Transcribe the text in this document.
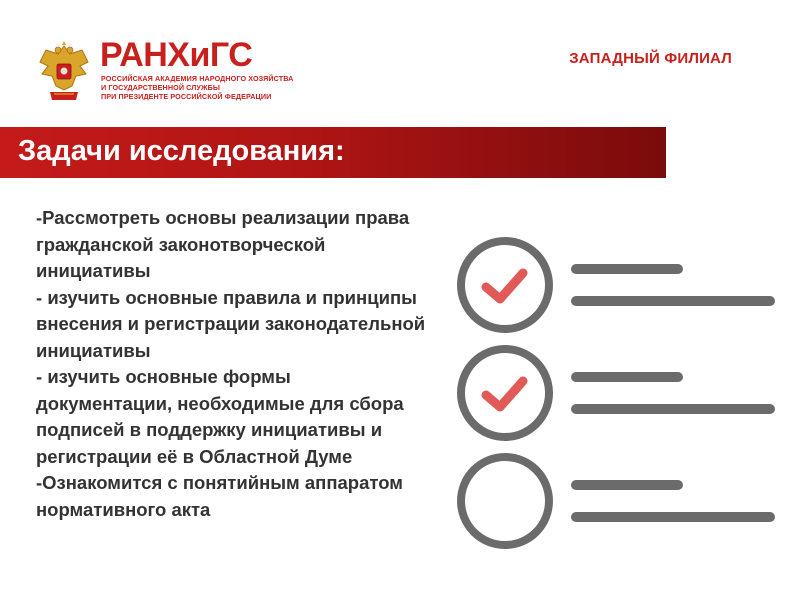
РАНХиГС
РОССИЙСКАЯ АКАДЕМИЯ НАРОДНОГО ХОЗЯЙСТВА
И ГОСУДАРСТВЕННОЙ СЛУЖБЫ
ПРИ ПРЕЗИДЕНТЕ РОССИЙСКОЙ ФЕДЕРАЦИИ
ЗАПАДНЫЙ ФИЛИАЛ
Задачи исследования:

-Рассмотреть основы реализации права гражданской законотворческой инициативы

- изучить основные правила и принципы внесения и регистрации законодательной инициативы

- изучить основные формы документации, необходимые для сбора подписей в поддержку инициативы и регистрации её в Областной Думе

-Ознакомится с понятийным аппаратом нормативного акта
